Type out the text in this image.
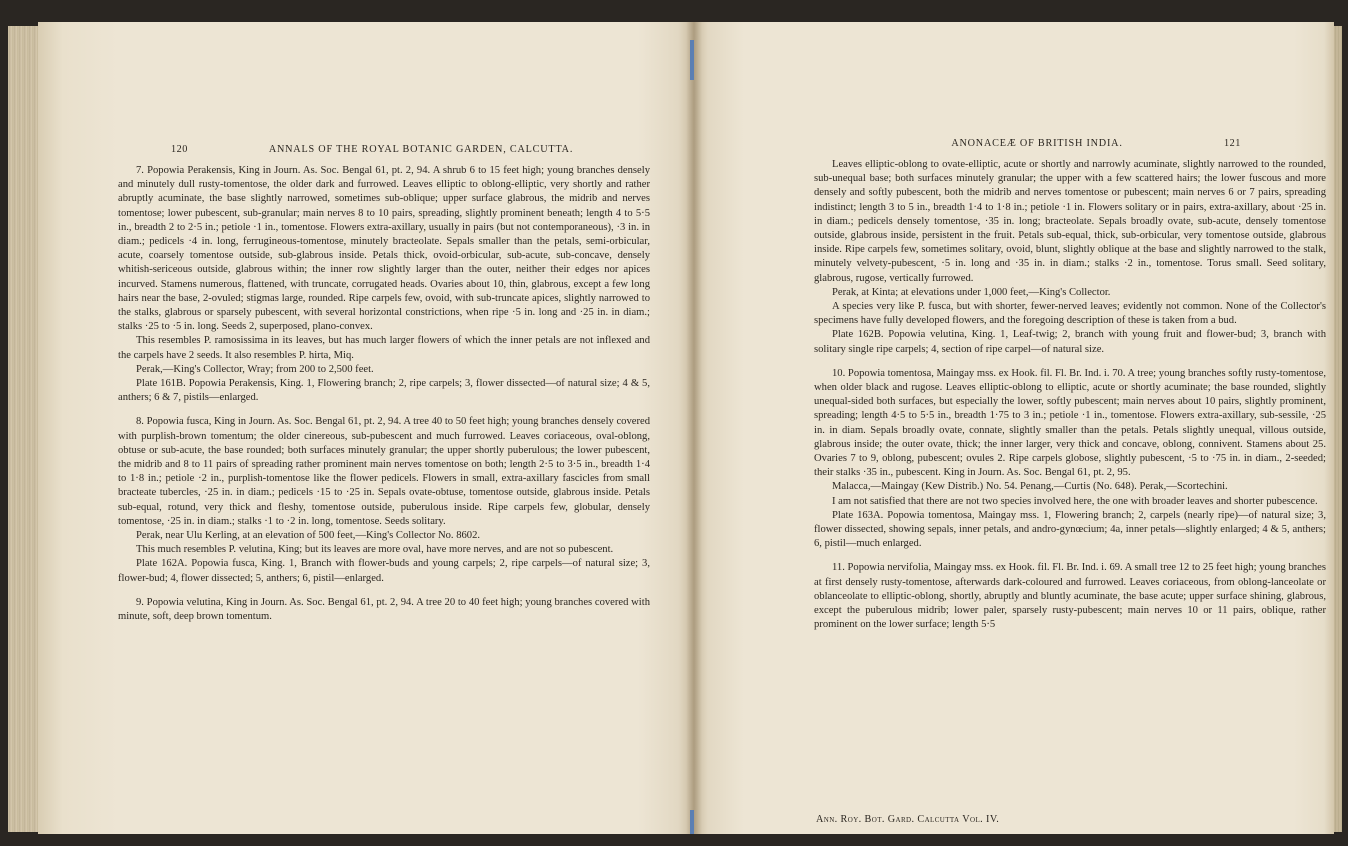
120	ANNALS OF THE ROYAL BOTANIC GARDEN, CALCUTTA.

7. Popowia Perakensis, King in Journ. As. Soc. Bengal 61, pt. 2, 94. A shrub 6 to 15 feet high; young branches densely and minutely dull rusty-tomentose, the older dark and furrowed. Leaves elliptic to oblong-elliptic, very shortly and rather abruptly acuminate, the base slightly narrowed, sometimes sub-oblique; upper surface glabrous, the midrib and nerves tomentose; lower pubescent, sub-granular; main nerves 8 to 10 pairs, spreading, slightly prominent beneath; length 4 to 5·5 in., breadth 2 to 2·5 in.; petiole ·1 in., tomentose. Flowers extra-axillary, usually in pairs (but not contemporaneous), ·3 in. in diam.; pedicels ·4 in. long, ferrugineous-tomentose, minutely bracteolate. Sepals smaller than the petals, semi-orbicular, acute, coarsely tomentose outside, sub-glabrous inside. Petals thick, ovoid-orbicular, sub-acute, sub-concave, densely whitish-sericeous outside, glabrous within; the inner row slightly larger than the outer, neither their edges nor apices incurved. Stamens numerous, flattened, with truncate, corrugated heads. Ovaries about 10, thin, glabrous, except a few long hairs near the base, 2-ovuled; stigmas large, rounded. Ripe carpels few, ovoid, with sub-truncate apices, slightly narrowed to the stalks, glabrous or sparsely pubescent, with several horizontal constrictions, when ripe ·5 in. long and ·25 in. in diam.; stalks ·25 to ·5 in. long. Seeds 2, superposed, plano-convex.

This resembles P. ramosissima in its leaves, but has much larger flowers of which the inner petals are not inflexed and the carpels have 2 seeds. It also resembles P. hirta, Miq.

Perak,—King's Collector, Wray; from 200 to 2,500 feet.

Plate 161B. Popowia Perakensis, King. 1, Flowering branch; 2, ripe carpels; 3, flower dissected—of natural size; 4 & 5, anthers; 6 & 7, pistils—enlarged.

8. Popowia fusca, King in Journ. As. Soc. Bengal 61, pt. 2, 94. A tree 40 to 50 feet high; young branches densely covered with purplish-brown tomentum; the older cinereous, sub-pubescent and much furrowed. Leaves coriaceous, oval-oblong, obtuse or sub-acute, the base rounded; both surfaces minutely granular; the upper shortly puberulous; the lower pubescent, the midrib and 8 to 11 pairs of spreading rather prominent main nerves tomentose on both; length 2·5 to 3·5 in., breadth 1·4 to 1·8 in.; petiole ·2 in., purplish-tomentose like the flower pedicels. Flowers in small, extra-axillary fascicles from small bracteate tubercles, ·25 in. in diam.; pedicels ·15 to ·25 in. Sepals ovate-obtuse, tomentose outside, glabrous inside. Petals sub-equal, rotund, very thick and fleshy, tomentose outside, puberulous inside. Ripe carpels few, globular, densely tomentose, ·25 in. in diam.; stalks ·1 to ·2 in. long, tomentose. Seeds solitary.

Perak, near Ulu Kerling, at an elevation of 500 feet,—King's Collector No. 8602.

This much resembles P. velutina, King; but its leaves are more oval, have more nerves, and are not so pubescent.

Plate 162A. Popowia fusca, King. 1, Branch with flower-buds and young carpels; 2, ripe carpels—of natural size; 3, flower-bud; 4, flower dissected; 5, anthers; 6, pistil—enlarged.

9. Popowia velutina, King in Journ. As. Soc. Bengal 61, pt. 2, 94. A tree 20 to 40 feet high; young branches covered with minute, soft, deep brown tomentum.

ANONACEÆ OF BRITISH INDIA.	121

Leaves elliptic-oblong to ovate-elliptic, acute or shortly and narrowly acuminate, slightly narrowed to the rounded, sub-unequal base; both surfaces minutely granular; the upper with a few scattered hairs; the lower fuscous and more densely and softly pubescent, both the midrib and nerves tomentose or pubescent; main nerves 6 or 7 pairs, spreading indistinct; length 3 to 5 in., breadth 1·4 to 1·8 in.; petiole ·1 in. Flowers solitary or in pairs, extra-axillary, about ·25 in. in diam.; pedicels densely tomentose, ·35 in. long; bracteolate. Sepals broadly ovate, sub-acute, densely tomentose outside, glabrous inside, persistent in the fruit. Petals sub-equal, thick, sub-orbicular, very tomentose outside, glabrous inside. Ripe carpels few, sometimes solitary, ovoid, blunt, slightly oblique at the base and slightly narrowed to the stalk, minutely velvety-pubescent, ·5 in. long and ·35 in. in diam.; stalks ·2 in., tomentose. Torus small. Seed solitary, glabrous, rugose, vertically furrowed.

Perak, at Kinta; at elevations under 1,000 feet,—King's Collector.

A species very like P. fusca, but with shorter, fewer-nerved leaves; evidently not common. None of the Collector's specimens have fully developed flowers, and the foregoing description of these is taken from a bud.

Plate 162B. Popowia velutina, King. 1, Leaf-twig; 2, branch with young fruit and flower-bud; 3, branch with solitary single ripe carpels; 4, section of ripe carpel—of natural size.

10. Popowia tomentosa, Maingay mss. ex Hook. fil. Fl. Br. Ind. i. 70. A tree; young branches softly rusty-tomentose, when older black and rugose. Leaves elliptic-oblong to elliptic, acute or shortly acuminate; the base rounded, slightly unequal-sided both surfaces, but especially the lower, softly pubescent; main nerves about 10 pairs, slightly prominent, spreading; length 4·5 to 5·5 in., breadth 1·75 to 3 in.; petiole ·1 in., tomentose. Flowers extra-axillary, sub-sessile, ·25 in. in diam. Sepals broadly ovate, connate, slightly smaller than the petals. Petals slightly unequal, villous outside, glabrous inside; the outer ovate, thick; the inner larger, very thick and concave, oblong, connivent. Stamens about 25. Ovaries 7 to 9, oblong, pubescent; ovules 2. Ripe carpels globose, slightly pubescent, ·5 to ·75 in. in diam., 2-seeded; their stalks ·35 in., pubescent. King in Journ. As. Soc. Bengal 61, pt. 2, 95.

Malacca,—Maingay (Kew Distrib.) No. 54. Penang,—Curtis (No. 648). Perak,—Scortechini.

I am not satisfied that there are not two species involved here, the one with broader leaves and shorter pubescence.

Plate 163A. Popowia tomentosa, Maingay mss. 1, Flowering branch; 2, carpels (nearly ripe)—of natural size; 3, flower dissected, showing sepals, inner petals, and andro-gynœcium; 4a, inner petals—slightly enlarged; 4 & 5, anthers; 6, pistil—much enlarged.

11. Popowia nervifolia, Maingay mss. ex Hook. fil. Fl. Br. Ind. i. 69. A small tree 12 to 25 feet high; young branches at first densely rusty-tomentose, afterwards dark-coloured and furrowed. Leaves coriaceous, from oblong-lanceolate or oblanceolate to elliptic-oblong, shortly, abruptly and bluntly acuminate, the base acute; upper surface shining, glabrous, except the puberulous midrib; lower paler, sparsely rusty-pubescent; main nerves 10 or 11 pairs, oblique, rather prominent on the lower surface; length 5·5

Ann. Roy. Bot. Gard. Calcutta Vol. IV.
